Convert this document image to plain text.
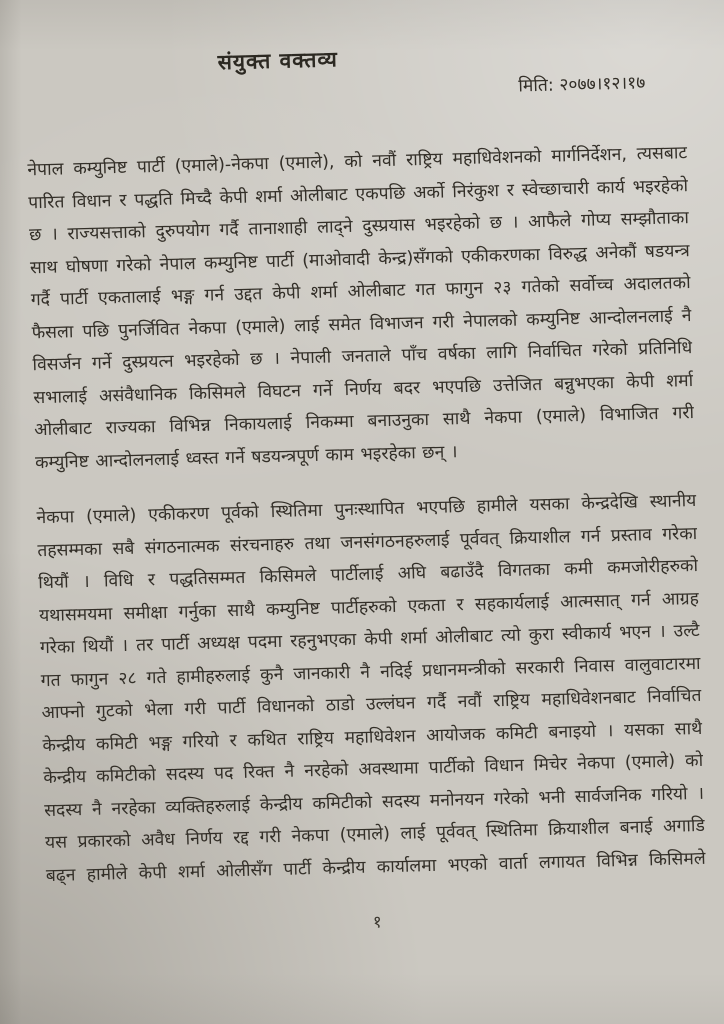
संयुक्त वक्तव्य
मिति: २०७७।१२।१७
नेपाल कम्युनिष्ट पार्टी (एमाले)-नेकपा (एमाले), को नवौं राष्ट्रिय महाधिवेशनको मार्गनिर्देशन, त्यसबाट
पारित विधान र पद्धति मिच्दै केपी शर्मा ओलीबाट एकपछि अर्को निरंकुश र स्वेच्छाचारी कार्य भइरहेको
छ । राज्यसत्ताको दुरुपयोग गर्दै तानाशाही लाद्ने दुस्प्रयास भइरहेको छ । आफैले गोप्य सम्झौताका
साथ घोषणा गरेको नेपाल कम्युनिष्ट पार्टी (माओवादी केन्द्र)सँगको एकीकरणका विरुद्ध अनेकौं षडयन्त्र
गर्दै पार्टी एकतालाई भङ्ग गर्न उद्दत केपी शर्मा ओलीबाट गत फागुन २३ गतेको सर्वोच्च अदालतको
फैसला पछि पुनर्जिवित नेकपा (एमाले) लाई समेत विभाजन गरी नेपालको कम्युनिष्ट आन्दोलनलाई नै
विसर्जन गर्ने दुस्प्रयत्न भइरहेको छ । नेपाली जनताले पाँच वर्षका लागि निर्वाचित गरेको प्रतिनिधि
सभालाई असंवैधानिक किसिमले विघटन गर्ने निर्णय बदर भएपछि उत्तेजित बन्नुभएका केपी शर्मा
ओलीबाट राज्यका विभिन्न निकायलाई निकम्मा बनाउनुका साथै नेकपा (एमाले) विभाजित गरी
कम्युनिष्ट आन्दोलनलाई ध्वस्त गर्ने षडयन्त्रपूर्ण काम भइरहेका छन् ।
नेकपा (एमाले) एकीकरण पूर्वको स्थितिमा पुनःस्थापित भएपछि हामीले यसका केन्द्रदेखि स्थानीय
तहसम्मका सबै संगठनात्मक संरचनाहरु तथा जनसंगठनहरुलाई पूर्ववत् क्रियाशील गर्न प्रस्ताव गरेका
थियौं । विधि र पद्धतिसम्मत किसिमले पार्टीलाई अघि बढाउँदै विगतका कमी कमजोरीहरुको
यथासमयमा समीक्षा गर्नुका साथै कम्युनिष्ट पार्टीहरुको एकता र सहकार्यलाई आत्मसात् गर्न आग्रह
गरेका थियौं । तर पार्टी अध्यक्ष पदमा रहनुभएका केपी शर्मा ओलीबाट त्यो कुरा स्वीकार्य भएन । उल्टै
गत फागुन २८ गते हामीहरुलाई कुनै जानकारी नै नदिई प्रधानमन्त्रीको सरकारी निवास वालुवाटारमा
आफ्नो गुटको भेला गरी पार्टी विधानको ठाडो उल्लंघन गर्दै नवौं राष्ट्रिय महाधिवेशनबाट निर्वाचित
केन्द्रीय कमिटी भङ्ग गरियो र कथित राष्ट्रिय महाधिवेशन आयोजक कमिटी बनाइयो । यसका साथै
केन्द्रीय कमिटीको सदस्य पद रिक्त नै नरहेको अवस्थामा पार्टीको विधान मिचेर नेकपा (एमाले) को
सदस्य नै नरहेका व्यक्तिहरुलाई केन्द्रीय कमिटीको सदस्य मनोनयन गरेको भनी सार्वजनिक गरियो ।
यस प्रकारको अवैध निर्णय रद्द गरी नेकपा (एमाले) लाई पूर्ववत् स्थितिमा क्रियाशील बनाई अगाडि
बढ्न हामीले केपी शर्मा ओलीसँग पार्टी केन्द्रीय कार्यालमा भएको वार्ता लगायत विभिन्न किसिमले
१
